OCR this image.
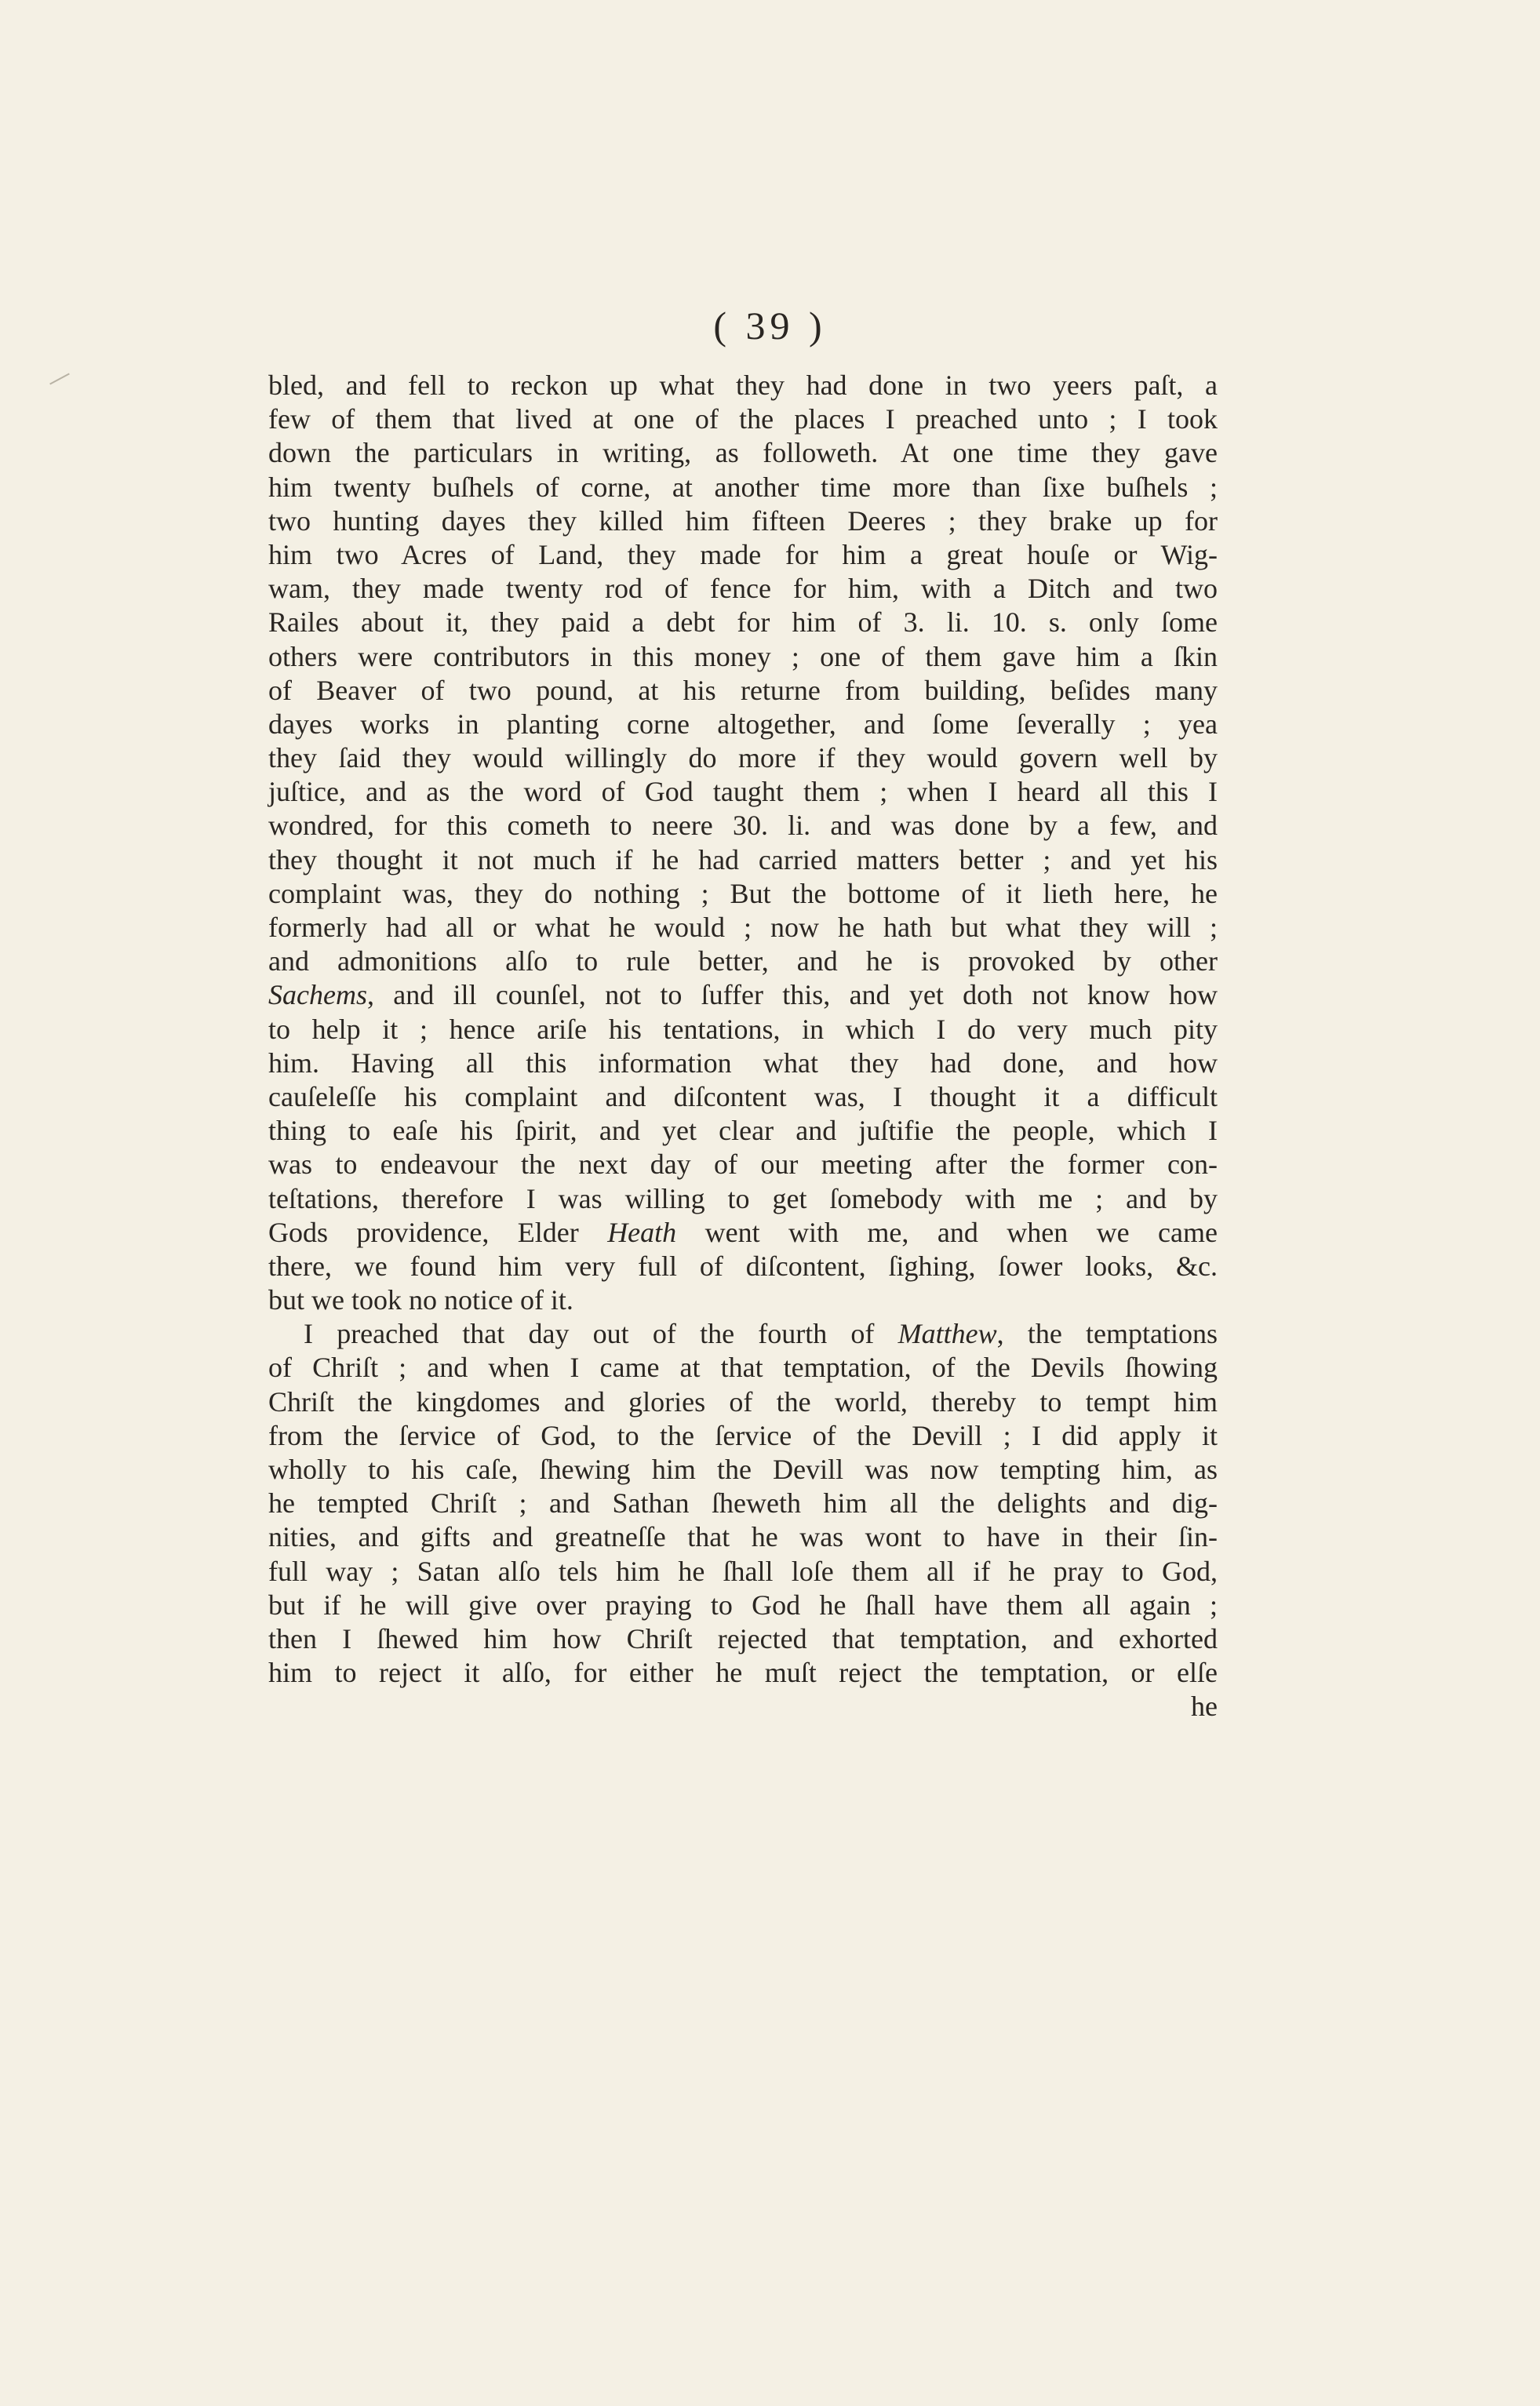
( 39 )
bled, and fell to reckon up what they had done in two yeers paſt, a
few of them that lived at one of the places I preached unto ; I took
down the particulars in writing, as followeth. At one time they gave
him twenty buſhels of corne, at another time more than ſixe buſhels ;
two hunting dayes they killed him fifteen Deeres ; they brake up for
him two Acres of Land, they made for him a great houſe or Wig-
wam, they made twenty rod of fence for him, with a Ditch and two
Railes about it, they paid a debt for him of 3. li. 10. s. only ſome
others were contributors in this money ; one of them gave him a ſkin
of Beaver of two pound, at his returne from building, beſides many
dayes works in planting corne altogether, and ſome ſeverally ; yea
they ſaid they would willingly do more if they would govern well by
juſtice, and as the word of God taught them ; when I heard all this I
wondred, for this cometh to neere 30. li. and was done by a few, and
they thought it not much if he had carried matters better ; and yet his
complaint was, they do nothing ; But the bottome of it lieth here, he
formerly had all or what he would ; now he hath but what they will ;
and admonitions alſo to rule better, and he is provoked by other
Sachems, and ill counſel, not to ſuffer this, and yet doth not know how
to help it ; hence ariſe his tentations, in which I do very much pity
him. Having all this information what they had done, and how
cauſeleſſe his complaint and diſcontent was, I thought it a difficult
thing to eaſe his ſpirit, and yet clear and juſtifie the people, which I
was to endeavour the next day of our meeting after the former con-
teſtations, therefore I was willing to get ſomebody with me ; and by
Gods providence, Elder Heath went with me, and when we came
there, we found him very full of diſcontent, ſighing, ſower looks, &c.
but we took no notice of it.
I preached that day out of the fourth of Matthew, the temptations
of Chriſt ; and when I came at that temptation, of the Devils ſhowing
Chriſt the kingdomes and glories of the world, thereby to tempt him
from the ſervice of God, to the ſervice of the Devill ; I did apply it
wholly to his caſe, ſhewing him the Devill was now tempting him, as
he tempted Chriſt ; and Sathan ſheweth him all the delights and dig-
nities, and gifts and greatneſſe that he was wont to have in their ſin-
full way ; Satan alſo tels him he ſhall loſe them all if he pray to God,
but if he will give over praying to God he ſhall have them all again ;
then I ſhewed him how Chriſt rejected that temptation, and exhorted
him to reject it alſo, for either he muſt reject the temptation, or elſe
he
